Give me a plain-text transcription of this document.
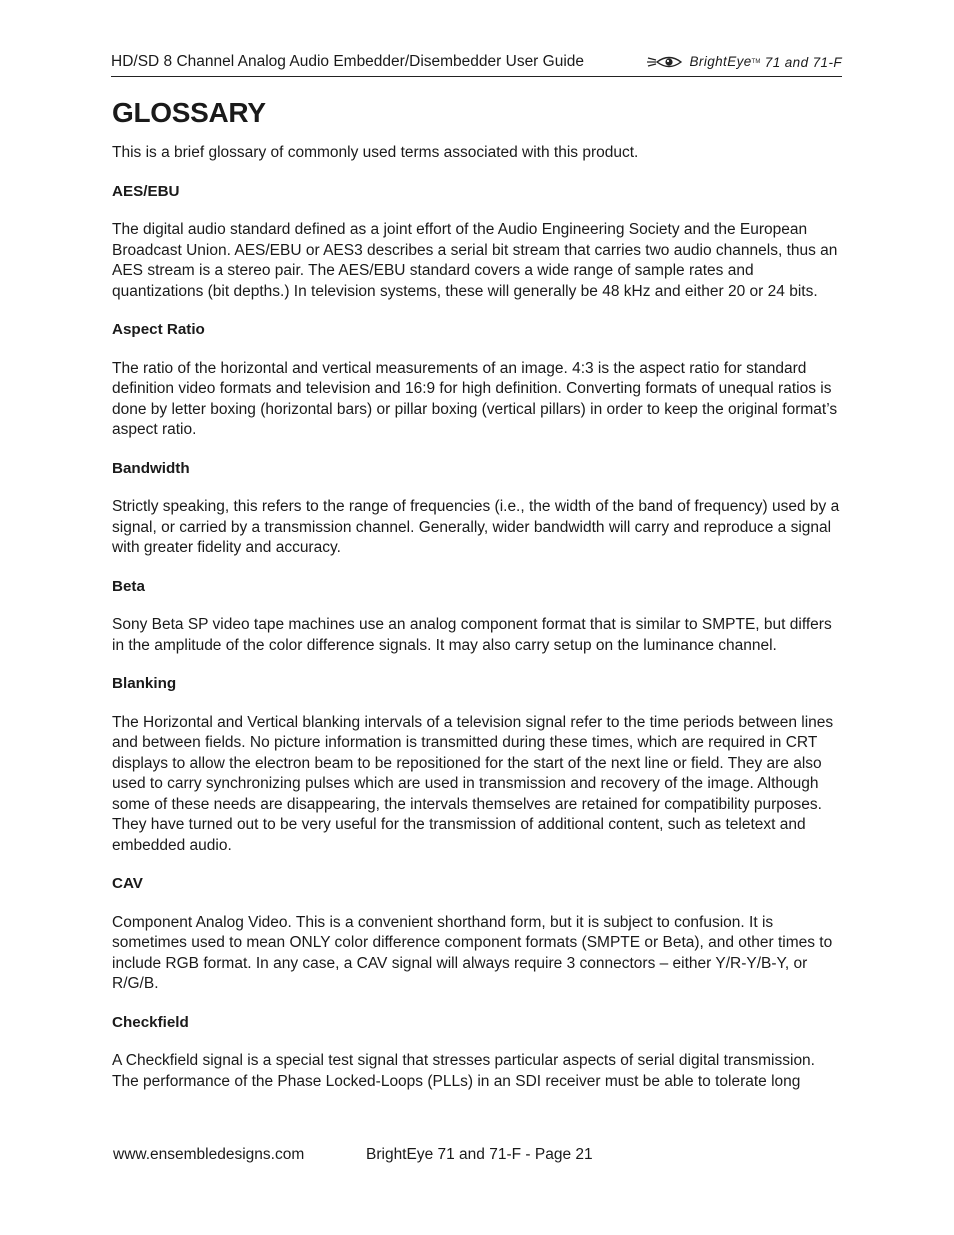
HD/SD 8 Channel Analog Audio Embedder/Disembedder User Guide	BrightEye TM
71 and 71-F
GLOSSARY

This is a brief glossary of commonly used terms associated with this product.

AES/EBU

The digital audio standard defined as a joint effort of the Audio Engineering Society and the European Broadcast Union. AES/EBU or AES3 describes a serial bit stream that carries two audio channels, thus an AES stream is a stereo pair. The AES/EBU standard covers a wide range of sample rates and quantizations (bit depths.) In television systems, these will generally be 48 kHz and either 20 or 24 bits.

Aspect Ratio

The ratio of the horizontal and vertical measurements of an image. 4:3 is the aspect ratio for standard definition video formats and television and 16:9 for high definition. Converting formats of unequal ratios is done by letter boxing (horizontal bars) or pillar boxing (vertical pillars) in order to keep the original format’s aspect ratio.

Bandwidth

Strictly speaking, this refers to the range of frequencies (i.e., the width of the band of frequency) used by a signal, or carried by a transmission channel. Generally, wider bandwidth will carry and reproduce a signal with greater fidelity and accuracy.

Beta

Sony Beta SP video tape machines use an analog component format that is similar to SMPTE, but differs in the amplitude of the color difference signals. It may also carry setup on the luminance channel.

Blanking

The Horizontal and Vertical blanking intervals of a television signal refer to the time periods between lines and between fields. No picture information is transmitted during these times, which are required in CRT displays to allow the electron beam to be repositioned for the start of the next line or field. They are also used to carry synchronizing pulses which are used in transmission and recovery of the image. Although some of these needs are disappearing, the intervals themselves are retained for compatibility purposes. They have turned out to be very useful for the transmission of additional content, such as teletext and embedded audio.

CAV

Component Analog Video. This is a convenient shorthand form, but it is subject to confusion. It is sometimes used to mean ONLY color difference component formats (SMPTE or Beta), and other times to include RGB format. In any case, a CAV signal will always require 3 connectors – either Y/R-Y/B-Y, or R/G/B.

Checkfield

A Checkfield signal is a special test signal that stresses particular aspects of serial digital transmission. The performance of the Phase Locked-Loops (PLLs) in an SDI receiver must be able to tolerate long

www.ensembledesigns.com	BrightEye 71 and 71-F - Page 21
